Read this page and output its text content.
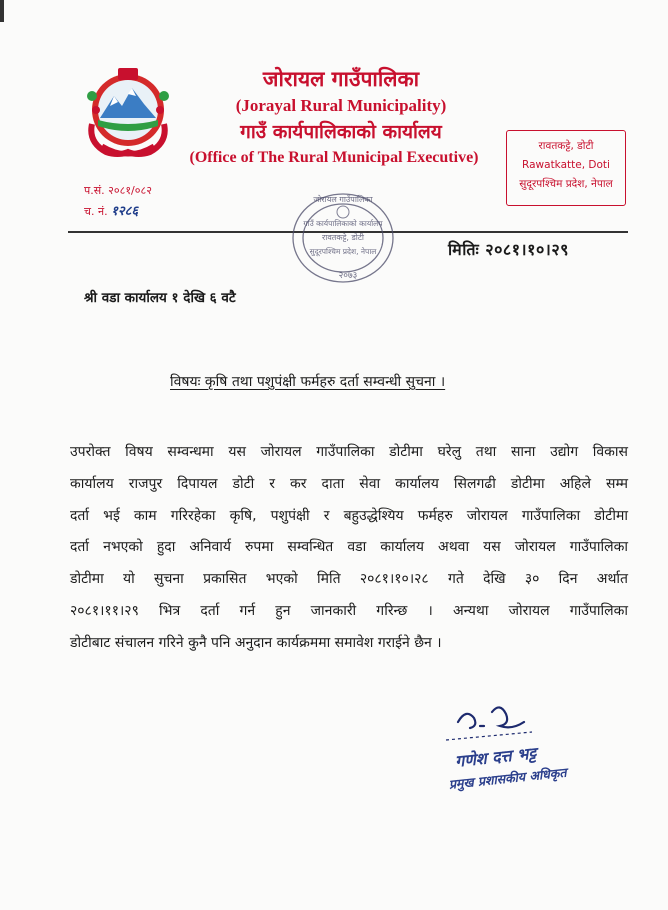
जोरायल गाउँपालिका
(Jorayal Rural Municipality)
गाउँ कार्यपालिकाको कार्यालय
(Office of The Rural Municipal Executive)
रावतकट्टे, डोटी
Rawatkatte, Doti
सुदूरपश्चिम प्रदेश, नेपाल
प.सं. २०८१/०८२
च. नं. १२८६
जोरायल गाउँपालिका
गाउँ कार्यपालिकाको कार्यालय
रावतकट्टे, डोटी
सुदूरपश्चिम प्रदेश, नेपाल
२०७३
मितिः २०८१।१०।२९
श्री वडा कार्यालय १ देखि ६ वटै
विषयः कृषि तथा पशुपंक्षी फर्महरु दर्ता सम्वन्धी सुचना ।
उपरोक्त विषय सम्वन्धमा यस जोरायल गाउँपालिका डोटीमा घरेलु तथा साना उद्योग विकास
कार्यालय राजपुर दिपायल डोटी र कर दाता सेवा कार्यालय सिलगढी डोटीमा अहिले सम्म
दर्ता भई काम गरिरहेका कृषि, पशुपंक्षी र बहुउद्धेश्यिय फर्महरु जोरायल गाउँपालिका डोटीमा
दर्ता नभएको हुदा अनिवार्य रुपमा सम्वन्धित वडा कार्यालय अथवा यस जोरायल गाउँपालिका
डोटीमा यो सुचना प्रकासित भएको मिति २०८१।१०।२८ गते देखि ३० दिन अर्थात
२०८१।११।२९ भित्र दर्ता गर्न हुन जानकारी गरिन्छ । अन्यथा जोरायल गाउँपालिका
डोटीबाट संचालन गरिने कुनै पनि अनुदान कार्यक्रममा समावेश गराईने छैन ।
गणेश दत्त भट्ट
प्रमुख प्रशासकीय अधिकृत
